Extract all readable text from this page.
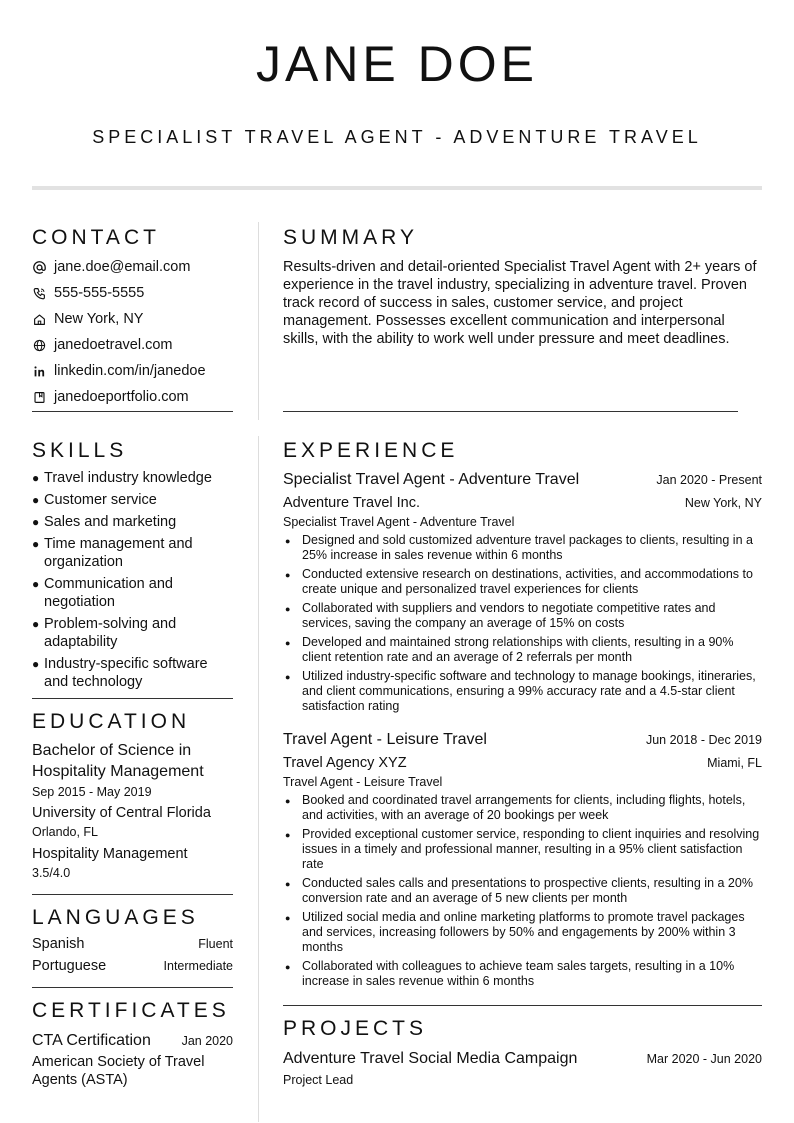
JANE DOE
SPECIALIST TRAVEL AGENT - ADVENTURE TRAVEL
CONTACT
jane.doe@email.com
555-555-5555
New York, NY
janedoetravel.com
linkedin.com/in/janedoe
janedoeportfolio.com
SUMMARY

Results-driven and detail-oriented Specialist Travel Agent with 2+ years of experience in the travel industry, specializing in adventure travel. Proven track record of success in sales, customer service, and project management. Possesses excellent communication and interpersonal skills, with the ability to work well under pressure and meet deadlines.

SKILLS
● Travel industry knowledge
● Customer service
● Sales and marketing
● Time management and organization
● Communication and negotiation
● Problem-solving and adaptability
● Industry-specific software and technology
EDUCATION
Bachelor of Science in Hospitality Management
Sep 2015 - May 2019
University of Central Florida
Orlando, FL
Hospitality Management
3.5/4.0
LANGUAGES
Spanish	Fluent
Portuguese	Intermediate
CERTIFICATES
CTA Certification Jan 2020
American Society of Travel Agents (ASTA)
EXPERIENCE
Specialist Travel Agent - Adventure Travel	Jan 2020 - Present
Adventure Travel Inc.	New York, NY
Specialist Travel Agent - Adventure Travel
● Designed and sold customized adventure travel packages to clients, resulting in a 25% increase in sales revenue within 6 months
● Conducted extensive research on destinations, activities, and accommodations to create unique and personalized travel experiences for clients
● Collaborated with suppliers and vendors to negotiate competitive rates and services, saving the company an average of 15% on costs
● Developed and maintained strong relationships with clients, resulting in a 90% client retention rate and an average of 2 referrals per month
● Utilized industry-specific software and technology to manage bookings, itineraries, and client communications, ensuring a 99% accuracy rate and a 4.5-star client satisfaction rating
Travel Agent - Leisure Travel	Jun 2018 - Dec 2019
Travel Agency XYZ	Miami, FL
Travel Agent - Leisure Travel
● Booked and coordinated travel arrangements for clients, including flights, hotels, and activities, with an average of 20 bookings per week
● Provided exceptional customer service, responding to client inquiries and resolving issues in a timely and professional manner, resulting in a 95% client satisfaction rate
● Conducted sales calls and presentations to prospective clients, resulting in a 20% conversion rate and an average of 5 new clients per month
● Utilized social media and online marketing platforms to promote travel packages and services, increasing followers by 50% and engagements by 200% within 3 months
● Collaborated with colleagues to achieve team sales targets, resulting in a 10% increase in sales revenue within 6 months
PROJECTS
Adventure Travel Social Media Campaign	Mar 2020 - Jun 2020
Project Lead
